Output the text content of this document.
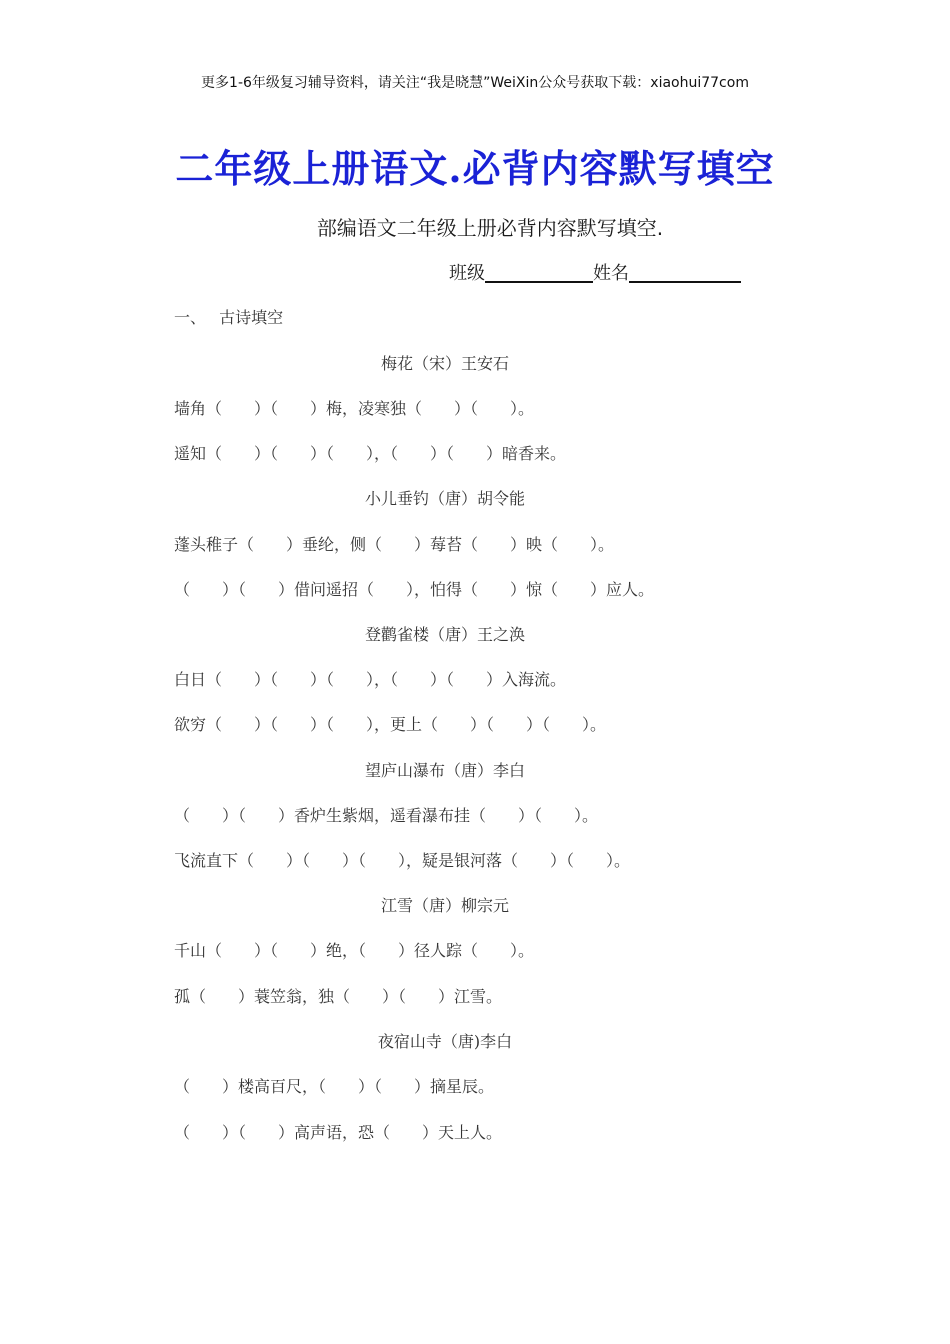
更多1-6年级复习辅导资料，请关注“我是晓慧”WeiXin公众号获取下载：xiaohui77com
二年级上册语文.必背内容默写填空
部编语文二年级上册必背内容默写填空.
班级	姓名
一、　 古诗填空
梅花（宋）王安石
墙角（　　）（　　）梅，凌寒独（　　）（　　）。
遥知（　　）（　　）（　　），（　　）（　　）暗香来。
小儿垂钓（唐）胡令能
蓬头稚子（　　）垂纶，侧（　　）莓苔（　　）映（　　）。
（　　）（　　）借问遥招（　　），怕得（　　）惊（　　）应人。
登鹳雀楼（唐）王之涣
白日（　　）（　　）（　　），（　　）（　　）入海流。
欲穷（　　）（　　）（　　），更上（　　）（　　）（　　）。
望庐山瀑布（唐）李白
（　　）（　　）香炉生紫烟，遥看瀑布挂（　　）（　　）。
飞流直下（　　）（　　）（　　），疑是银河落（　　）（　　）。
江雪（唐）柳宗元
千山（　　）（　　）绝，（　　）径人踪（　　）。
孤（　　）蓑笠翁，独（　　）（　　）江雪。
夜宿山寺（唐)李白
（　　）楼高百尺，（　　）（　　）摘星辰。
（　　）（　　）高声语，恐（　　）天上人。
